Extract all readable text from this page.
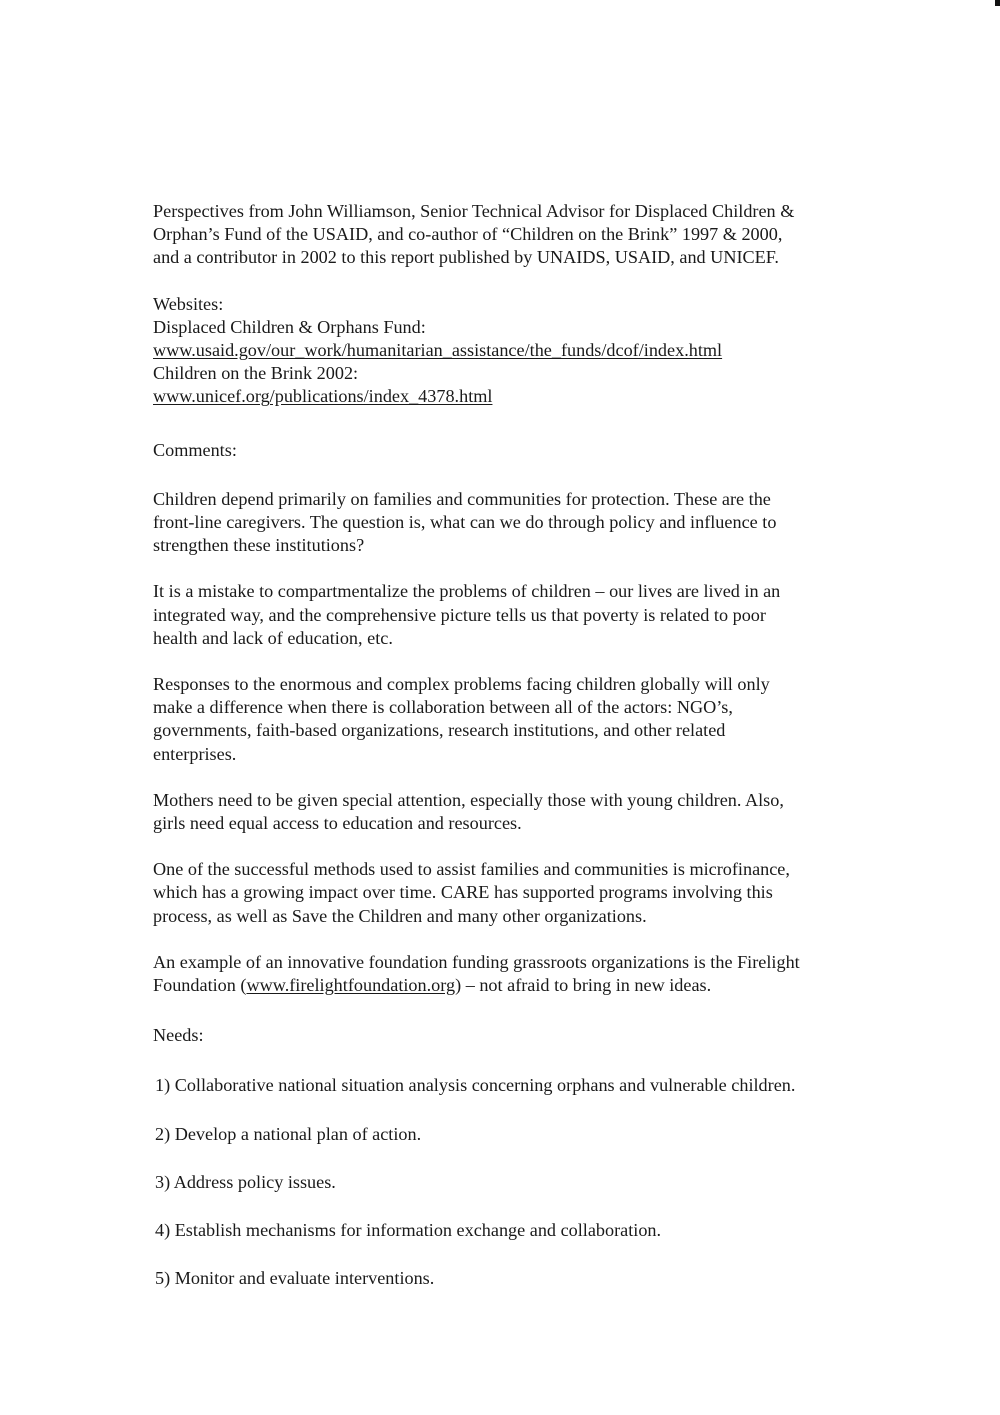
Perspectives from John Williamson, Senior Technical Advisor for Displaced Children &
Orphan’s Fund of the USAID, and co-author of “Children on the Brink” 1997 & 2000,
and a contributor in 2002 to this report published by UNAIDS, USAID, and UNICEF.

Websites:
Displaced Children & Orphans Fund:
www.usaid.gov/our_work/humanitarian_assistance/the_funds/dcof/index.html
Children on the Brink 2002:
www.unicef.org/publications/index_4378.html

Comments:

Children depend primarily on families and communities for protection. These are the
front-line caregivers. The question is, what can we do through policy and influence to
strengthen these institutions?

It is a mistake to compartmentalize the problems of children – our lives are lived in an
integrated way, and the comprehensive picture tells us that poverty is related to poor
health and lack of education, etc.

Responses to the enormous and complex problems facing children globally will only
make a difference when there is collaboration between all of the actors: NGO’s,
governments, faith-based organizations, research institutions, and other related
enterprises.

Mothers need to be given special attention, especially those with young children. Also,
girls need equal access to education and resources.

One of the successful methods used to assist families and communities is microfinance,
which has a growing impact over time. CARE has supported programs involving this
process, as well as Save the Children and many other organizations.

An example of an innovative foundation funding grassroots organizations is the Firelight
Foundation (www.firelightfoundation.org) – not afraid to bring in new ideas.

Needs:

1) Collaborative national situation analysis concerning orphans and vulnerable children.

2) Develop a national plan of action.

3) Address policy issues.

4) Establish mechanisms for information exchange and collaboration.

5) Monitor and evaluate interventions.
